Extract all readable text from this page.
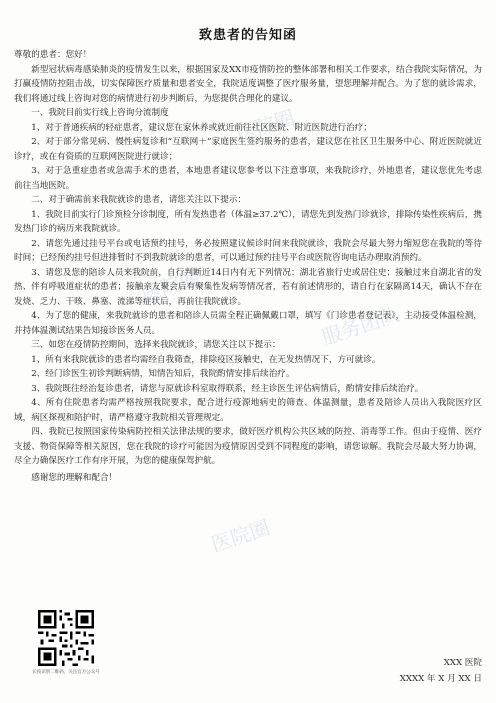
医院圈
医院圈
服务团队
医院圈
致患者的告知函

尊敬的患者：您好！

新型冠状病毒感染肺炎的疫情发生以来，根据国家及XX市疫情防控的整体部署和相关工作要求，结合我院实际情况，为打赢疫情防控阻击战，切实保障医疗质量和患者安全，我院适度调整了医疗服务量，望您理解并配合。为了您的就诊需求，我们将通过线上咨询对您的病情进行初步判断后，为您提供合理化的建议。

一、我院目前实行线上咨询分流制度

1、对于普通疾病的轻症患者，建议您在家休养或就近前往社区医院、附近医院进行治疗；

2、对于部分常见病、慢性病复诊和“互联网＋”家庭医生签约服务的患者，建议您在社区卫生服务中心、附近医院就近诊疗，或在有资质的互联网医院进行就诊；

3、对于急重症患者或急需手术的患者，本地患者建议您参考以下注意事项，来我院诊疗，外地患者，建议您优先考虑前往当地医院。

二、对于确需前来我院就诊的患者，请您关注以下提示：

1、我院目前实行门诊预检分诊制度，所有发热患者（体温≥37.2℃），请您先到发热门诊就诊，排除传染性疾病后，携发热门诊的病历来我院就诊。

2、请您先通过挂号平台或电话预约挂号，务必按照建议候诊时间来我院就诊，我院会尽最大努力缩短您在我院的等待时间；已经预约挂号但进排暂时不到我院就诊的患者，可以通过预约挂号平台或医院咨询电话办理取消预约。

3、请您及您的陪诊人员来我院前，自行判断近14日内有无下列情况：湖北省旅行史或居住史；接触过来自湖北省的发热、伴有呼吸道症状的患者；接触亲友聚会后有聚集性发病等情况者，若有前述情形的，请自行在家隔离14天，确认不存在发烧、乏力、干咳、鼻塞、流涕等症状后，再前往我院就诊。

4、为了您的健康，来我院就诊的患者和陪诊人员需全程正确佩戴口罩，填写《门诊患者登记表》，主动接受体温检测，并持体温测试结果告知接诊医务人员。

三、如您在疫情防控期间，选择来我院就诊，请您关注以下提示：

1、所有来我院就诊的患者均需经自我筛查，排除疫区接触史，在无发热情况下，方可就诊。

2、经门诊医生初诊判断病情，知情告知后，我院酌情安排后续治疗。

3、我院既往经治复诊患者，请您与原就诊科室取得联系，经主诊医生评估病情后，酌情安排后续治疗。

4、所有住院患者均需严格按照我院要求，配合进行疫源地病史的筛查、体温测量，患者及陪诊人员出入我院医疗区域，病区探视和陪护时，请严格遵守我院相关管理规定。

四、我院已按照国家传染病防控相关法律法规的要求，做好医疗机构公共区域的防控、消毒等工作。但由于疫情、医疗支援、物资保障等相关原因，您在我院的诊疗可能因为疫情原因受到不同程度的影响，请您谅解。我院会尽最大努力协调，尽全力确保医疗工作有序开展，为您的健康保驾护航。

感谢您的理解和配合！

长按识别二维码，关注官方公众号
XXX 医院
XXXX 年 X 月 XX 日
